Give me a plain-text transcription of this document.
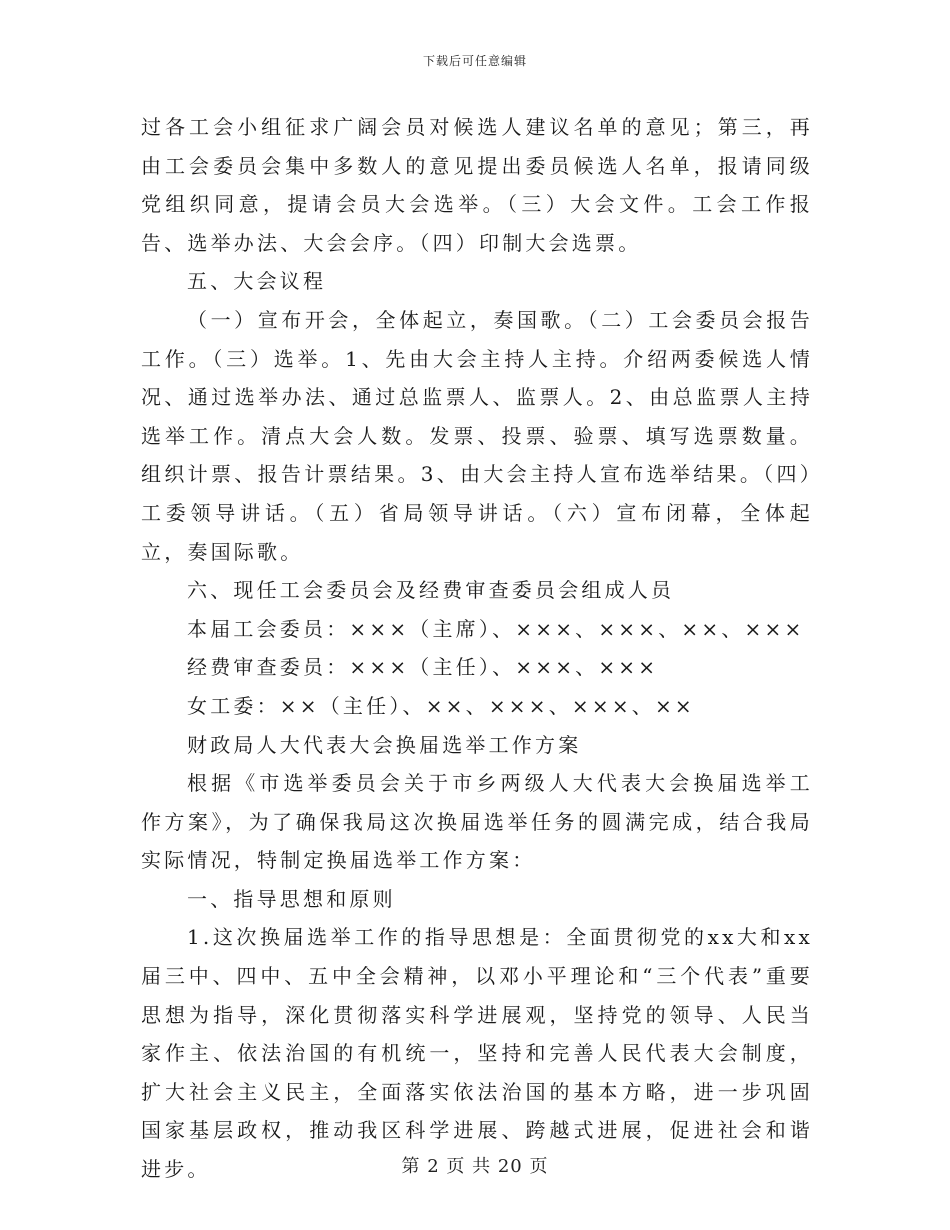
下载后可任意编辑

过各工会小组征求广阔会员对候选人建议名单的意见；第三，再由工会委员会集中多数人的意见提出委员候选人名单，报请同级党组织同意，提请会员大会选举。（三）大会文件。工会工作报告、选举办法、大会会序。（四）印制大会选票。

五、大会议程

（一）宣布开会，全体起立，奏国歌。（二）工会委员会报告工作。（三）选举。1、先由大会主持人主持。介绍两委候选人情况、通过选举办法、通过总监票人、监票人。2、由总监票人主持选举工作。清点大会人数。发票、投票、验票、填写选票数量。组织计票、报告计票结果。3、由大会主持人宣布选举结果。（四）工委领导讲话。（五）省局领导讲话。（六）宣布闭幕，全体起立，奏国际歌。

六、现任工会委员会及经费审查委员会组成人员

本届工会委员：×××（主席）、×××、×××、××、×××

经费审查委员：×××（主任）、×××、×××

女工委：××（主任）、××、×××、×××、××

财政局人大代表大会换届选举工作方案

根据《市选举委员会关于市乡两级人大代表大会换届选举工作方案》，为了确保我局这次换届选举任务的圆满完成，结合我局实际情况，特制定换届选举工作方案：

一、指导思想和原则

1.这次换届选举工作的指导思想是：全面贯彻党的xx大和xx届三中、四中、五中全会精神，以邓小平理论和“三个代表”重要思想为指导，深化贯彻落实科学进展观，坚持党的领导、人民当家作主、依法治国的有机统一，坚持和完善人民代表大会制度，扩大社会主义民主，全面落实依法治国的基本方略，进一步巩固国家基层政权，推动我区科学进展、跨越式进展，促进社会和谐进步。	第 2 页 共 20 页
